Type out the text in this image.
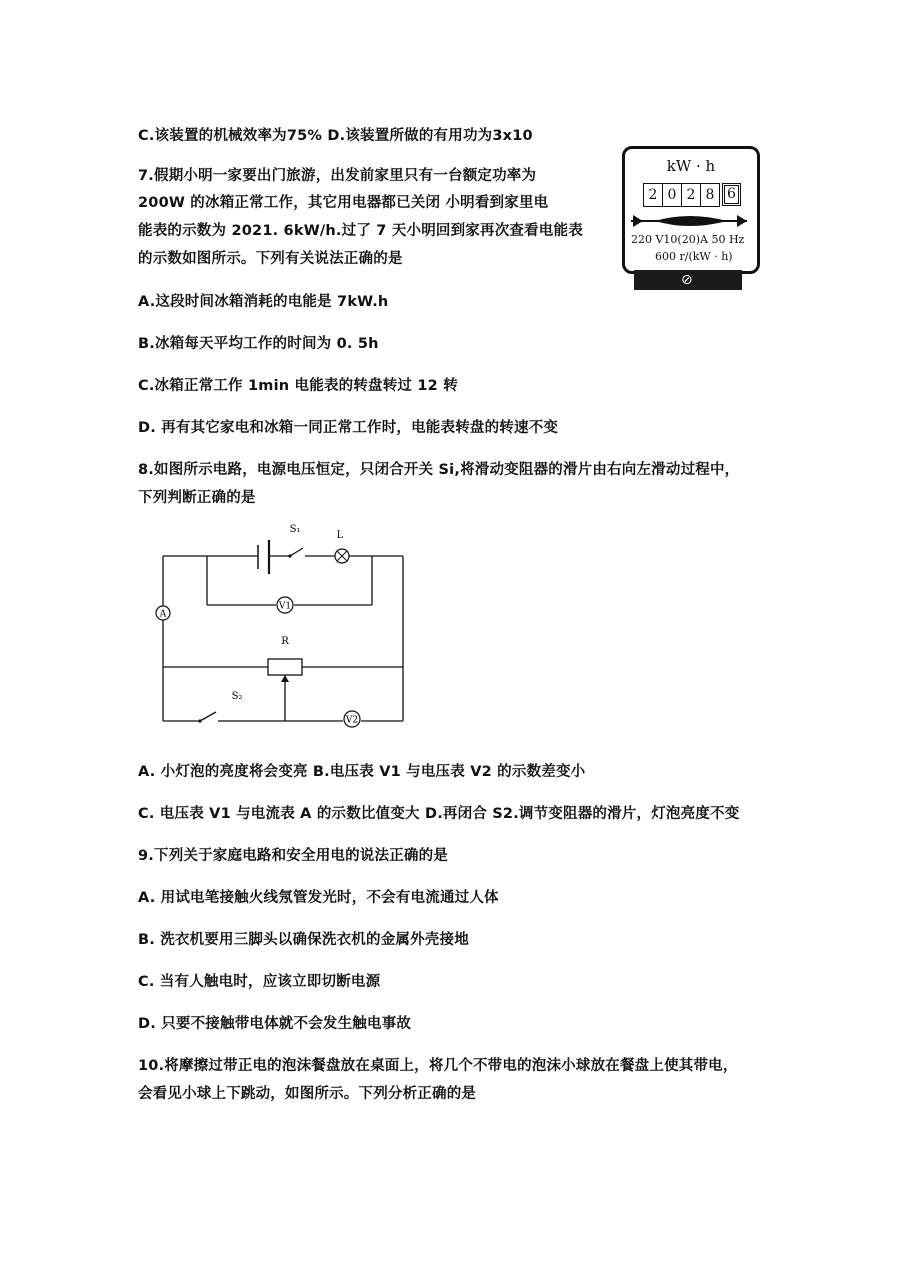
C.该装置的机械效率为75% D.该装置所做的有用功为3x10
7.假期小明一家要出门旅游，出发前家里只有一台额定功率为
200W 的冰箱正常工作，其它用电器都已关闭 小明看到家里电
能表的示数为 2021. 6kW/h.过了 7 天小明回到家再次查看电能表
的示数如图所示。下列有关说法正确的是
kW · h
2 0 2 8 6
220 V10(20)A 50 Hz
600 r/(kW · h)
⊘
A.这段时间冰箱消耗的电能是 7kW.h
B.冰箱每天平均工作的时间为 0. 5h
C.冰箱正常工作 1min 电能表的转盘转过 12 转
D. 再有其它家电和冰箱一同正常工作时，电能表转盘的转速不变
8.如图所示电路，电源电压恒定，只闭合开关 Si,将滑动变阻器的滑片由右向左滑动过程中，
下列判断正确的是
A
V1
V2
S₁
L
R
S₂
A. 小灯泡的亮度将会变亮 B.电压表 V1 与电压表 V2 的示数差变小
C. 电压表 V1 与电流表 A 的示数比值变大 D.再闭合 S2.调节变阻器的滑片，灯泡亮度不变
9.下列关于家庭电路和安全用电的说法正确的是
A. 用试电笔接触火线氖管发光时，不会有电流通过人体
B. 洗衣机要用三脚头以确保洗衣机的金属外壳接地
C. 当有人触电时，应该立即切断电源
D. 只要不接触带电体就不会发生触电事故
10.将摩擦过带正电的泡沫餐盘放在桌面上，将几个不带电的泡沫小球放在餐盘上使其带电，
会看见小球上下跳动，如图所示。下列分析正确的是
